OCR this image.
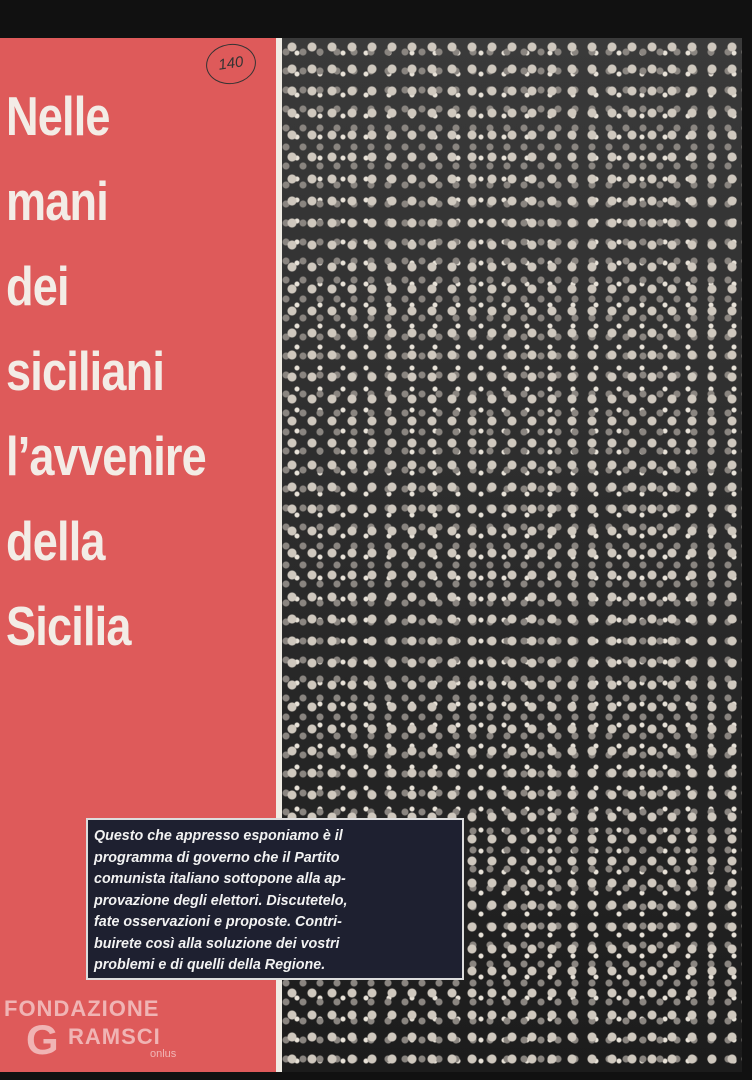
Nelle
mani
dei
siciliani
l’avvenire
della
Sicilia
140

Questo che appresso esponiamo è il

programma di governo che il Partito

comunista italiano sottopone alla ap-

provazione degli elettori. Discutetelo,

fate osservazioni e proposte. Contri-

buirete così alla soluzione dei vostri

problemi e di quelli della Regione.

FONDAZIONE
G RAMSCI
onlus
